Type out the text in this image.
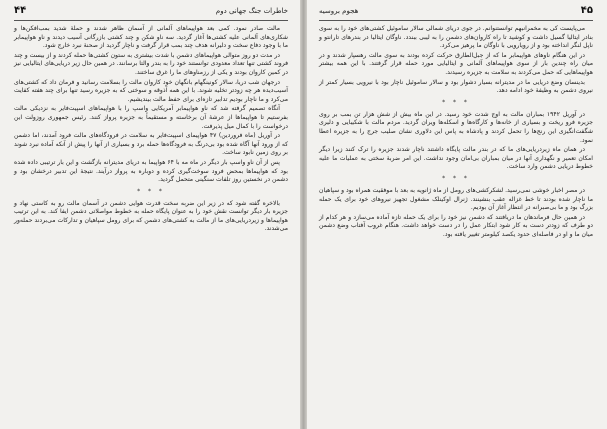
۴۴	خاطرات جنگ جهانی دوم

مالت صادر نمود. کمی بعد هواپیماهای آلمانی از آسمان ظاهر شدند و حملهٔ شدید بمب‌افکن‌ها و شکاری‌های آلمانی علیه کشتی‌ها آغاز گردید. سه ناو شکن و چند کشتی بازرگانی آسیب دیدند و ناو هواپیمابر ما با وجود دفاع سخت و دلیرانه هدف چند بمب قرار گرفت و ناچار گردید از صحنهٔ نبرد خارج شود.

در مدت دو روز متوالی هواپیماهای دشمن با شدت بیشتری به ستون کشتی‌ها حمله کردند و از بیست و چند فروند کشتی تنها تعداد معدودی توانستند خود را به بندر والتا برسانند. در همین حال زیر دریایی‌های ایتالیایی نیز در کمین کاروان بودند و یکی از رزمناوهای ما را غرق ساختند.

درجهان شب دریا، سالار کونینگهام بانگهان خود کاروان مالت را بسلامت رسانید و فرمان داد که کشتی‌های آسیب‌دیده هر چه زودتر تخلیه شوند. با این همه آذوقه و سوختی که به جزیره رسید تنها برای چند هفته کفایت می‌کرد و ما ناچار بودیم تدابیر تازه‌ای برای حفظ مالت بیندیشیم.

آنگاه تصمیم گرفته شد که ناو هواپیمابر آمریکایی واسپ را با هواپیماهای اسپیت‌فایر به نزدیکی مالت بفرستیم تا هواپیماها از عرشهٔ آن برخاسته و مستقیماً به جزیره پرواز کنند. رئیس جمهوری روزولت این درخواست را با کمال میل پذیرفت.

در آوریل (ماه فروردین) ۴۷ هواپیمای اسپیت‌فایر به سلامت در فرودگاه‌های مالت فرود آمدند، اما دشمن که از ورود آنها آگاه شده بود بی‌درنگ به فرودگاه‌ها حمله برد و بسیاری از آنها را پیش از آنکه آماده نبرد شوند بر روی زمین نابود ساخت.

پس از آن ناو واسپ بار دیگر در ماه مه با ۶۴ هواپیما به دریای مدیترانه بازگشت و این بار ترتیبی داده شده بود که هواپیماها بمحض فرود سوخت‌گیری کرده و دوباره به پرواز درآیند. نتیجهٔ این تدبیر درخشان بود و دشمن در نخستین روز تلفات سنگینی متحمل گردید.

* * *

بالاخره گفته شود که در زیر این ضربه سخت قدرت هوایی دشمن در آسمان مالت رو به کاستی نهاد و جزیره بار دیگر توانست نقش خود را به عنوان پایگاه حمله به خطوط مواصلاتی دشمن ایفا کند. به این ترتیب هواپیماها و زیردریایی‌های ما از مالت به کشتی‌های دشمن که برای رومل سپاهیان و تدارکات می‌بردند حمله‌ور می‌شدند.

۴۵
هجوم بروسیه

می‌پایست کی به مخمرانبهم توانستنوانم. در جوی دریای شمالی سالار ساموئیل کشتی‌های خود را به سوی بنادر ایتالیا گسیل داشت و کوشید تا راه کاروان‌های دشمن را به لیبی ببندد. ناوگان ایتالیا در بندرهای تارانتو و ناپل لنگر انداخته بود و از رویارویی با ناوگان ما پرهیز می‌کرد.

در این هنگام ناوهای هواپیمابر ما که از جبل‌الطارق حرکت کرده بودند به سوی مالت رهسپار شدند و در میان راه چندین بار از سوی هواپیماهای آلمانی و ایتالیایی مورد حمله قرار گرفتند. با این همه بیشتر هواپیماهایی که حمل می‌کردند به سلامت به جزیره رسیدند.

بدینسان وضع دریایی ما در مدیترانه بسیار دشوار بود و سالار ساموئیل ناچار بود با نیرویی بسیار کمتر از نیروی دشمن به وظیفهٔ خود ادامه دهد.

* * *

در آوریل ۱۹۴۲ بمباران مالت به اوج شدت خود رسید. در این ماه بیش از شش هزار تن بمب بر روی جزیره فرو ریخت و بسیاری از خانه‌ها و کارگاه‌ها و اسکله‌ها ویران گردید. مردم مالت با شکیبایی و دلیری شگفت‌انگیزی این رنج‌ها را تحمل کردند و پادشاه به پاس این دلاوری نشان صلیب جرج را به جزیره اعطا نمود.

در همان ماه زیردریایی‌های ما که در بندر مالت پایگاه داشتند ناچار شدند جزیره را ترک کنند زیرا دیگر امکان تعمیر و نگهداری آنها در میان بمباران بی‌امان وجود نداشت. این امر ضربهٔ سختی به عملیات ما علیه خطوط دریایی دشمن وارد ساخت.

* * *

در مصر اخبار خوشی نمی‌رسید. لشکرکشی‌های رومل از ماه ژانویه به بعد با موفقیت همراه بود و سپاهیان ما ناچار شده بودند تا خط غزاله عقب بنشینند. ژنرال اوکینلک مشغول تجهیز نیروهای خود برای یک حمله بزرگ بود و ما بی‌صبرانه در انتظار آغاز آن بودیم.

در همین حال فرماندهان ما دریافتند که دشمن نیز خود را برای یک حمله تازه آماده می‌سازد و هر کدام از دو طرف که زودتر دست به کار شود ابتکار عمل را در دست خواهد داشت. هنگام غروب آفتاب وضع دشمن میان ما و او در فاصله‌ای حدود یکصد کیلومتر تغییر یافته بود.
